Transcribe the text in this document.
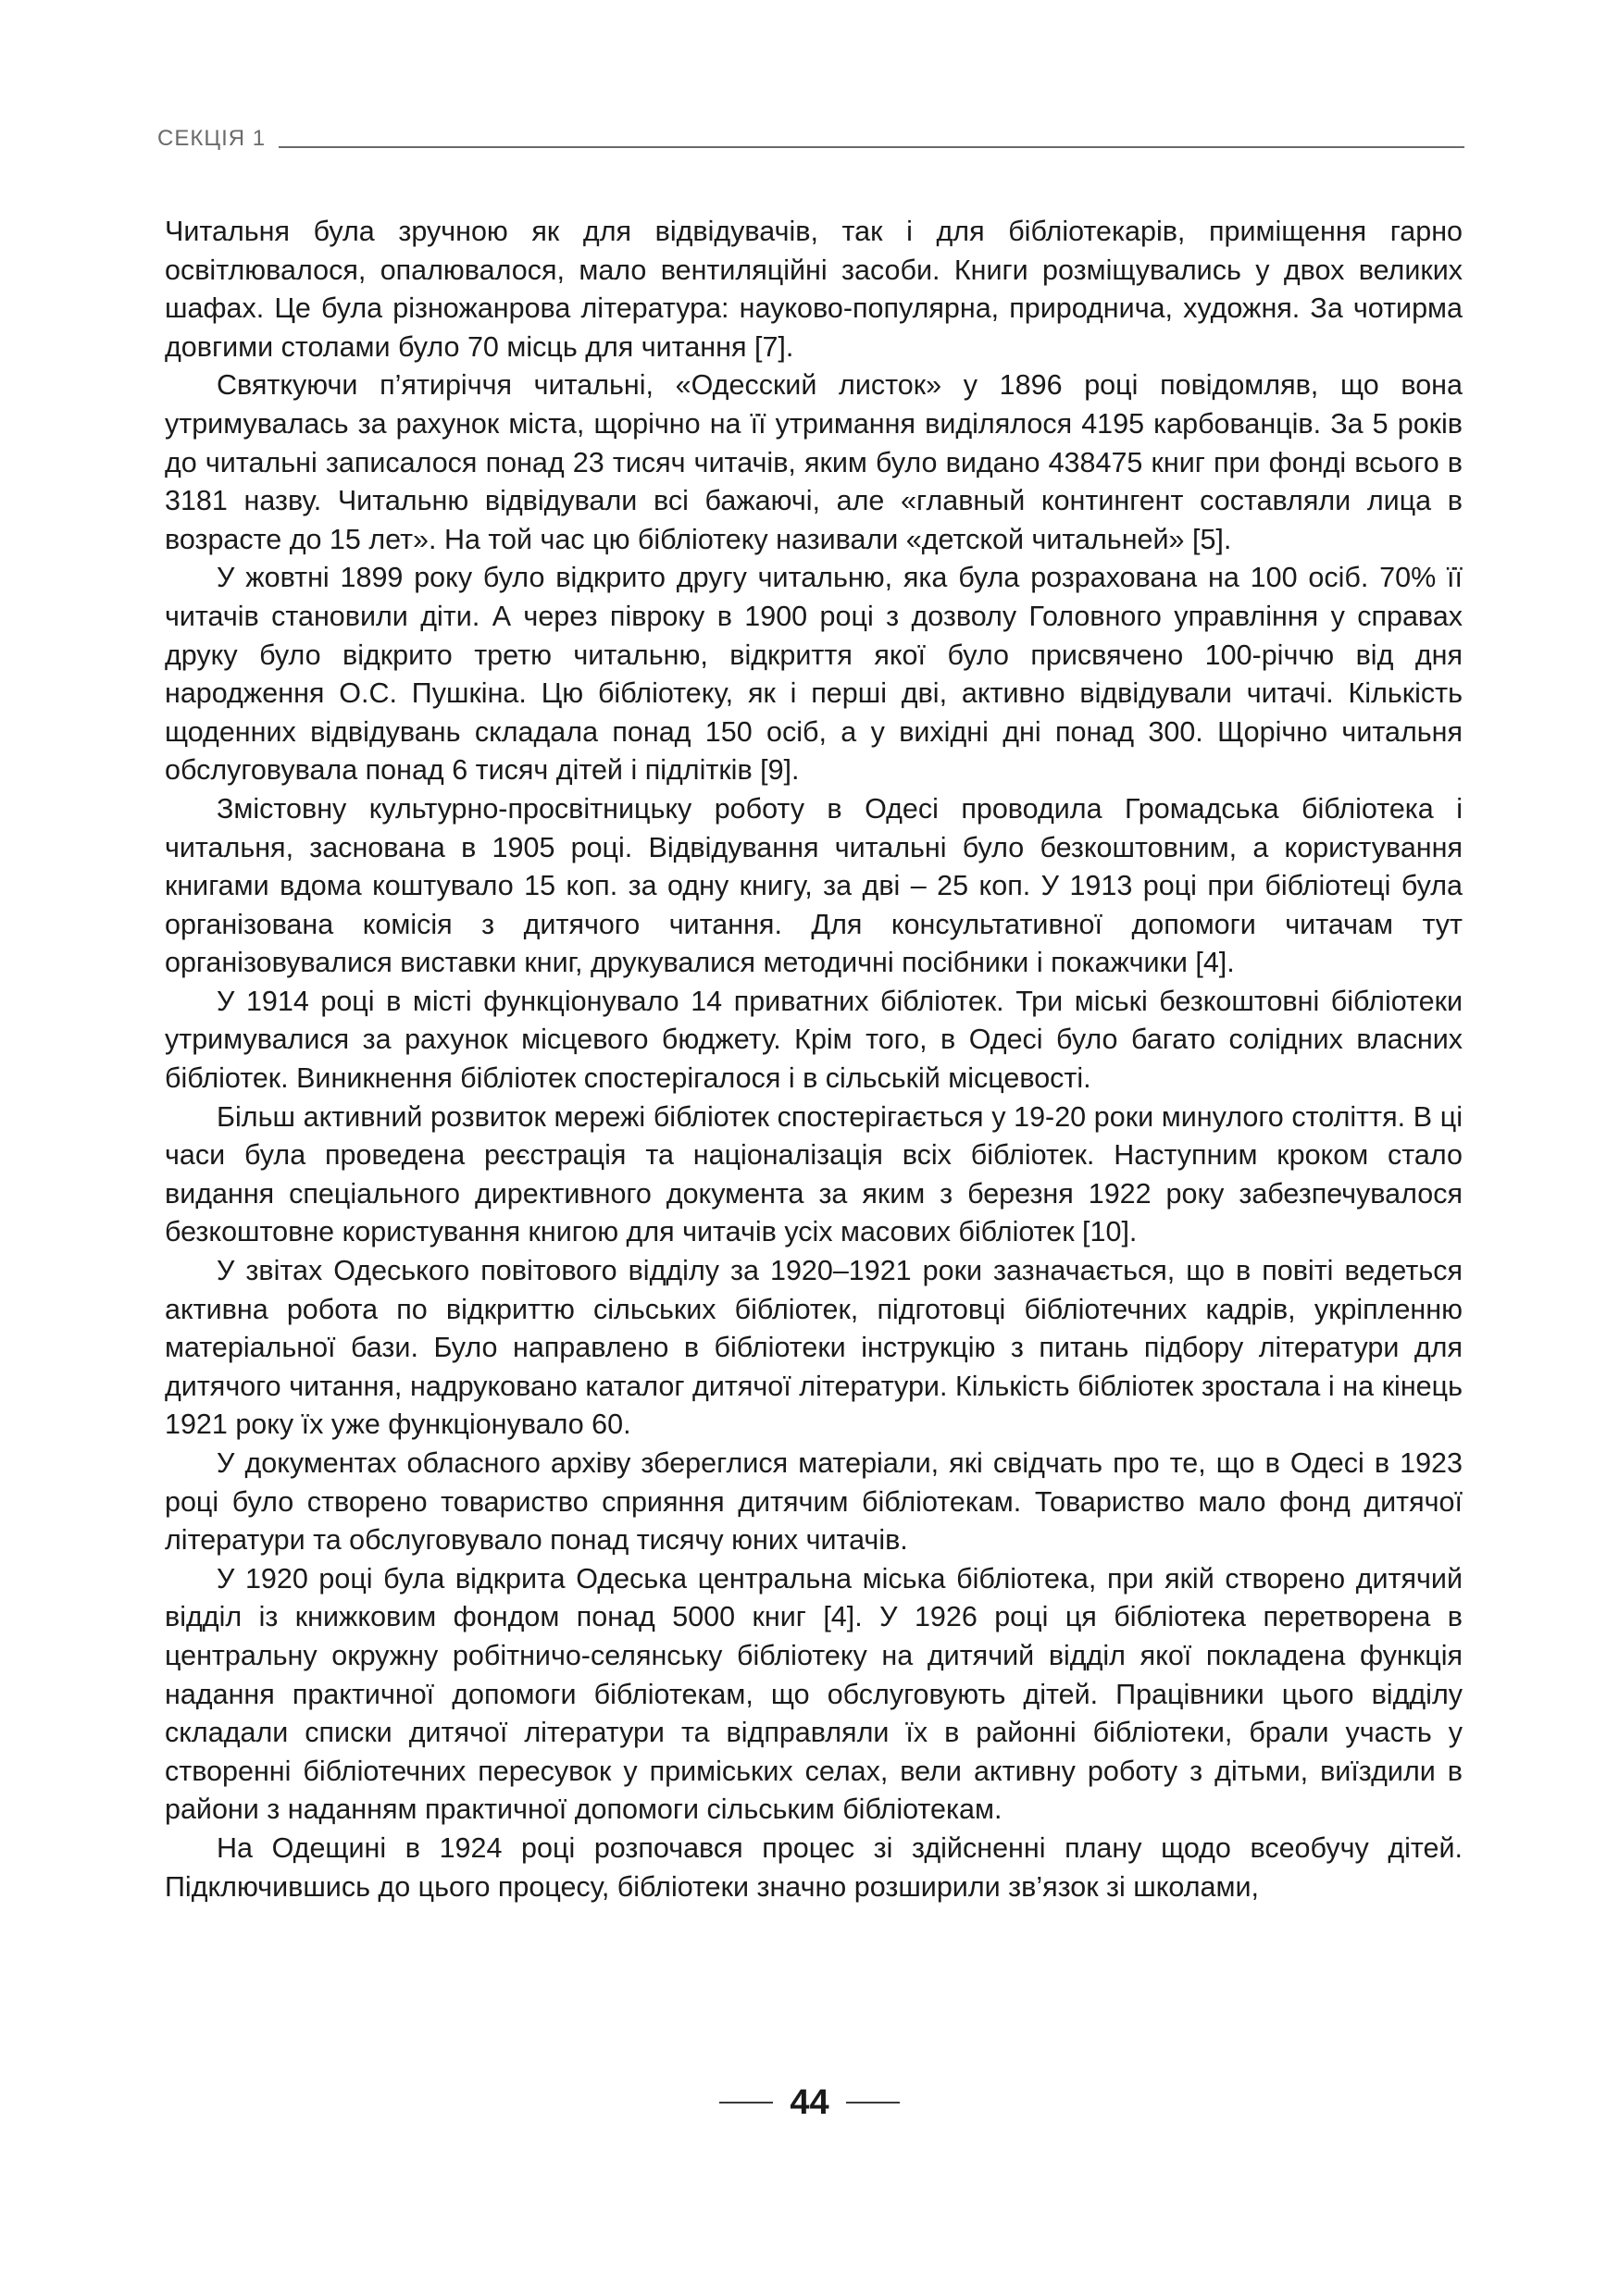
СЕКЦІЯ 1

Читальня була зручною як для відвідувачів, так і для бібліотекарів, приміщення гарно освітлювалося, опалювалося, мало вентиляційні засоби. Книги розміщувались у двох великих шафах. Це була різножанрова література: науково-популярна, природнича, художня. За чотирма довгими столами було 70 місць для читання [7].

Святкуючи п’ятиріччя читальні, «Одесский листок» у 1896 році повідомляв, що вона утримувалась за рахунок міста, щорічно на її утримання виділялося 4195 карбованців. За 5 років до читальні записалося понад 23 тисяч читачів, яким було видано 438475 книг при фонді всього в 3181 назву. Читальню відвідували всі бажаючі, але «главный контингент составляли лица в возрасте до 15 лет». На той час цю бібліотеку називали «детской читальней» [5].

У жовтні 1899 року було відкрито другу читальню, яка була розрахована на 100 осіб. 70% її читачів становили діти. А через півроку в 1900 році з дозволу Головного управління у справах друку було відкрито третю читальню, відкриття якої було присвячено 100-річчю від дня народження О.С. Пушкіна. Цю бібліотеку, як і перші дві, активно відвідували читачі. Кількість щоденних відвідувань складала понад 150 осіб, а у вихідні дні понад 300. Щорічно читальня обслуговувала понад 6 тисяч дітей і підлітків [9].

Змістовну культурно-просвітницьку роботу в Одесі проводила Громадська бібліотека і читальня, заснована в 1905 році. Відвідування читальні було безкоштовним, а користування книгами вдома коштувало 15 коп. за одну книгу, за дві – 25 коп. У 1913 році при бібліотеці була організована комісія з дитячого читання. Для консультативної допомоги читачам тут організовувалися виставки книг, друкувалися методичні посібники і покажчики [4].

У 1914 році в місті функціонувало 14 приватних бібліотек. Три міські безкоштовні бібліотеки утримувалися за рахунок місцевого бюджету. Крім того, в Одесі було багато солідних власних бібліотек. Виникнення бібліотек спостерігалося і в сільській місцевості.

Більш активний розвиток мережі бібліотек спостерігається у 19-20 роки минулого століття. В ці часи була проведена реєстрація та націоналізація всіх бібліотек. Наступним кроком стало видання спеціального директивного документа за яким з березня 1922 року забезпечувалося безкоштовне користування книгою для читачів усіх масових бібліотек [10].

У звітах Одеського повітового відділу за 1920–1921 роки зазначається, що в повіті ведеться активна робота по відкриттю сільських бібліотек, підготовці бібліотечних кадрів, укріпленню матеріальної бази. Було направлено в бібліотеки інструкцію з питань підбору літератури для дитячого читання, надруковано каталог дитячої літератури. Кількість бібліотек зростала і на кінець 1921 року їх уже функціонувало 60.

У документах обласного архіву збереглися матеріали, які свідчать про те, що в Одесі в 1923 році було створено товариство сприяння дитячим бібліотекам. Товариство мало фонд дитячої літератури та обслуговувало понад тисячу юних читачів.

У 1920 році була відкрита Одеська центральна міська бібліотека, при якій створено дитячий відділ із книжковим фондом понад 5000 книг [4]. У 1926 році ця бібліотека перетворена в центральну окружну робітничо-селянську бібліотеку на дитячий відділ якої покладена функція надання практичної допомоги бібліотекам, що обслуговують дітей. Працівники цього відділу складали списки дитячої літератури та відправляли їх в районні бібліотеки, брали участь у створенні бібліотечних пересувок у приміських селах, вели активну роботу з дітьми, виїздили в райони з наданням практичної допомоги сільським бібліотекам.

На Одещині в 1924 році розпочався процес зі здійсненні плану щодо всеобучу дітей. Підключившись до цього процесу, бібліотеки значно розширили зв’язок зі школами,

44
